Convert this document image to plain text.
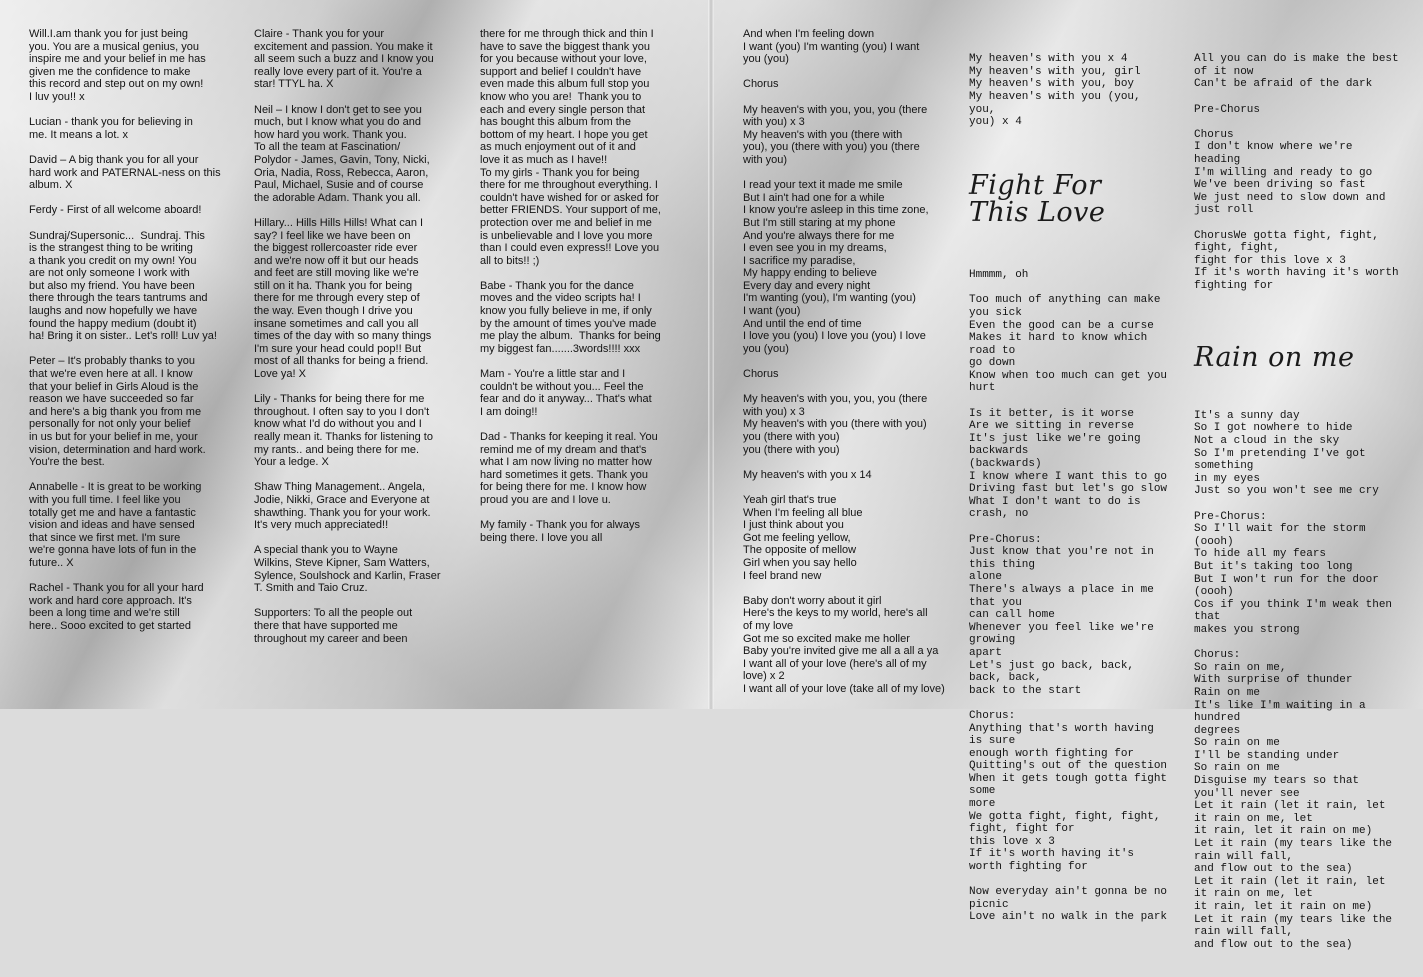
Will.I.am thank you for just being
you. You are a musical genius, you
inspire me and your belief in me has
given me the confidence to make
this record and step out on my own!
I luv you!! x

Lucian - thank you for believing in
me. It means a lot. x

David – A big thank you for all your
hard work and PATERNAL-ness on this
album. X

Ferdy - First of all welcome aboard!

Sundraj/Supersonic...  Sundraj. This
is the strangest thing to be writing
a thank you credit on my own! You
are not only someone I work with
but also my friend. You have been
there through the tears tantrums and
laughs and now hopefully we have
found the happy medium (doubt it)
ha! Bring it on sister.. Let's roll! Luv ya!

Peter – It's probably thanks to you
that we're even here at all. I know
that your belief in Girls Aloud is the
reason we have succeeded so far
and here's a big thank you from me
personally for not only your belief
in us but for your belief in me, your
vision, determination and hard work.
You're the best.

Annabelle - It is great to be working
with you full time. I feel like you
totally get me and have a fantastic
vision and ideas and have sensed
that since we first met. I'm sure
we're gonna have lots of fun in the
future.. X

Rachel - Thank you for all your hard
work and hard core approach. It's
been a long time and we're still
here.. Sooo excited to get started
Claire - Thank you for your
excitement and passion. You make it
all seem such a buzz and I know you
really love every part of it. You're a
star! TTYL ha. X

Neil – I know I don't get to see you
much, but I know what you do and
how hard you work. Thank you.
To all the team at Fascination/
Polydor - James, Gavin, Tony, Nicki,
Oria, Nadia, Ross, Rebecca, Aaron,
Paul, Michael, Susie and of course
the adorable Adam. Thank you all.

Hillary... Hills Hills Hills! What can I
say? I feel like we have been on
the biggest rollercoaster ride ever
and we're now off it but our heads
and feet are still moving like we're
still on it ha. Thank you for being
there for me through every step of
the way. Even though I drive you
insane sometimes and call you all
times of the day with so many things
I'm sure your head could pop!! But
most of all thanks for being a friend.
Love ya! X

Lily - Thanks for being there for me
throughout. I often say to you I don't
know what I'd do without you and I
really mean it. Thanks for listening to
my rants.. and being there for me.
Your a ledge. X

Shaw Thing Management.. Angela,
Jodie, Nikki, Grace and Everyone at
shawthing. Thank you for your work.
It's very much appreciated!!

A special thank you to Wayne
Wilkins, Steve Kipner, Sam Watters,
Sylence, Soulshock and Karlin, Fraser
T. Smith and Taio Cruz.

Supporters: To all the people out
there that have supported me
throughout my career and been
there for me through thick and thin I
have to save the biggest thank you
for you because without your love,
support and belief I couldn't have
even made this album full stop you
know who you are!  Thank you to
each and every single person that
has bought this album from the
bottom of my heart. I hope you get
as much enjoyment out of it and
love it as much as I have!!
To my girls - Thank you for being
there for me throughout everything. I
couldn't have wished for or asked for
better FRIENDS. Your support of me,
protection over me and belief in me
is unbelievable and I love you more
than I could even express!! Love you
all to bits!! ;)

Babe - Thank you for the dance
moves and the video scripts ha! I
know you fully believe in me, if only
by the amount of times you've made
me play the album.  Thanks for being
my biggest fan.......3words!!!! xxx

Mam - You're a little star and I
couldn't be without you... Feel the
fear and do it anyway... That's what
I am doing!!

Dad - Thanks for keeping it real. You
remind me of my dream and that's
what I am now living no matter how
hard sometimes it gets. Thank you
for being there for me. I know how
proud you are and I love u.

My family - Thank you for always
being there. I love you all
And when I'm feeling down
I want (you) I'm wanting (you) I want
you (you)

Chorus

My heaven's with you, you, you (there
with you) x 3
My heaven's with you (there with
you), you (there with you) you (there
with you)

I read your text it made me smile
But I ain't had one for a while
I know you're asleep in this time zone,
But I'm still staring at my phone
And you're always there for me
I even see you in my dreams,
I sacrifice my paradise,
My happy ending to believe
Every day and every night
I'm wanting (you), I'm wanting (you)
I want (you)
And until the end of time
I love you (you) I love you (you) I love
you (you)

Chorus

My heaven's with you, you, you (there
with you) x 3
My heaven's with you (there with you)
you (there with you)
you (there with you)

My heaven's with you x 14

Yeah girl that's true
When I'm feeling all blue
I just think about you
Got me feeling yellow,
The opposite of mellow
Girl when you say hello
I feel brand new

Baby don't worry about it girl
Here's the keys to my world, here's all
of my love
Got me so excited make me holler
Baby you're invited give me all a all a ya
I want all of your love (here's all of my
love) x 2
I want all of your love (take all of my love)

My heaven's with you x 4
My heaven's with you, girl
My heaven's with you, boy
My heaven's with you (you, you,
you) x 4

Fight For This Love

Hmmmm, oh

Too much of anything can make
you sick
Even the good can be a curse
Makes it hard to know which road to
go down
Know when too much can get you hurt

Is it better, is it worse
Are we sitting in reverse
It's just like we're going backwards
(backwards)
I know where I want this to go
Driving fast but let's go slow
What I don't want to do is crash, no

Pre-Chorus:
Just know that you're not in this thing
alone
There's always a place in me that you
can call home
Whenever you feel like we're growing
apart
Let's just go back, back, back, back,
back to the start

Chorus:
Anything that's worth having is sure
enough worth fighting for
Quitting's out of the question
When it gets tough gotta fight some
more
We gotta fight, fight, fight, fight, fight for
this love x 3
If it's worth having it's worth fighting for

Now everyday ain't gonna be no picnic
Love ain't no walk in the park

All you can do is make the best of it now
Can't be afraid of the dark

Pre-Chorus

Chorus
I don't know where we're heading
I'm willing and ready to go
We've been driving so fast
We just need to slow down and just roll

ChorusWe gotta fight, fight, fight, fight,
fight for this love x 3
If it's worth having it's worth fighting for

Rain on me

It's a sunny day
So I got nowhere to hide
Not a cloud in the sky
So I'm pretending I've got something
in my eyes
Just so you won't see me cry

Pre-Chorus:
So I'll wait for the storm (oooh)
To hide all my fears
But it's taking too long
But I won't run for the door (oooh)
Cos if you think I'm weak then that
makes you strong

Chorus:
So rain on me,
With surprise of thunder
Rain on me
It's like I'm waiting in a hundred
degrees
So rain on me
I'll be standing under
So rain on me
Disguise my tears so that you'll never see
Let it rain (let it rain, let it rain on me, let
it rain, let it rain on me)
Let it rain (my tears like the rain will fall,
and flow out to the sea)
Let it rain (let it rain, let it rain on me, let
it rain, let it rain on me)
Let it rain (my tears like the rain will fall,
and flow out to the sea)
